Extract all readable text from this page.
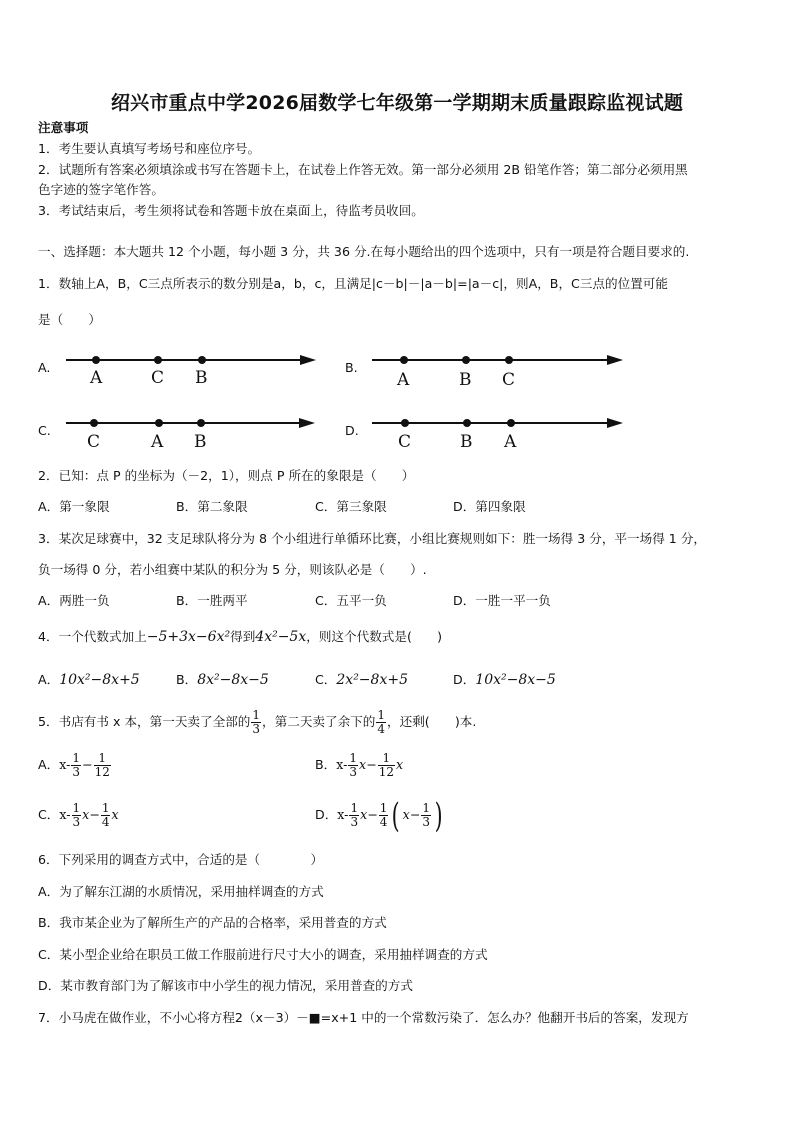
绍兴市重点中学2026届数学七年级第一学期期末质量跟踪监视试题
注意事项
1．考生要认真填写考场号和座位序号。
2．试题所有答案必须填涂或书写在答题卡上，在试卷上作答无效。第一部分必须用 2B 铅笔作答；第二部分必须用黑
色字迹的签字笔作答。
3．考试结束后，考生须将试卷和答题卡放在桌面上，待监考员收回。
一、选择题：本大题共 12 个小题，每小题 3 分，共 36 分.在每小题给出的四个选项中，只有一项是符合题目要求的.
1．数轴上A，B，C三点所表示的数分别是a，b，c，且满足|c－b|－|a－b|=|a－c|，则A，B，C三点的位置可能
是（　　）
A.
A	C B
B.
A	B C
C.
C	A B
D.
C	B A
2．已知：点 P 的坐标为（－2，1），则点 P 所在的象限是（　　）
A．第一象限	B．第二象限	C．第三象限	D．第四象限
3．某次足球赛中，32 支足球队将分为 8 个小组进行单循环比赛，小组比赛规则如下：胜一场得 3 分，平一场得 1 分，
负一场得 0 分，若小组赛中某队的积分为 5 分，则该队必是（　　）.
A．两胜一负	B．一胜两平	C．五平一负	D．一胜一平一负
4．一个代数式加上−5+3x−6x²得到4x²−5x，则这个代数式是(　　)
A．10x²−8x+5	B．8x²−8x−5	C．2x²−8x+5	D．10x²−8x−5
5．书店有书 x 本，第一天卖了全部的 $\frac{1}{3}$ ，第二天卖了余下的 $\frac{1}{4}$ ，还剩(　　)本.
A．$x- \frac{1}{3} - \frac{1}{12}$	B．$x- \frac{1}{3} x- \frac{1}{12}$ x
C．$x- \frac{1}{3} x- \frac{1}{4}$ x	D．$x- \frac{1}{3} x- \frac{1}{4}$ ( $x- \frac{1}{3}$ )
6．下列采用的调查方式中，合适的是（　　　　）
A．为了解东江湖的水质情况，采用抽样调查的方式
B．我市某企业为了解所生产的产品的合格率，采用普查的方式
C．某小型企业给在职员工做工作服前进行尺寸大小的调查，采用抽样调查的方式
D．某市教育部门为了解该市中小学生的视力情况，采用普查的方式
7．小马虎在做作业，不小心将方程2（x－3）－■=x+1 中的一个常数污染了．怎么办？他翻开书后的答案，发现方
